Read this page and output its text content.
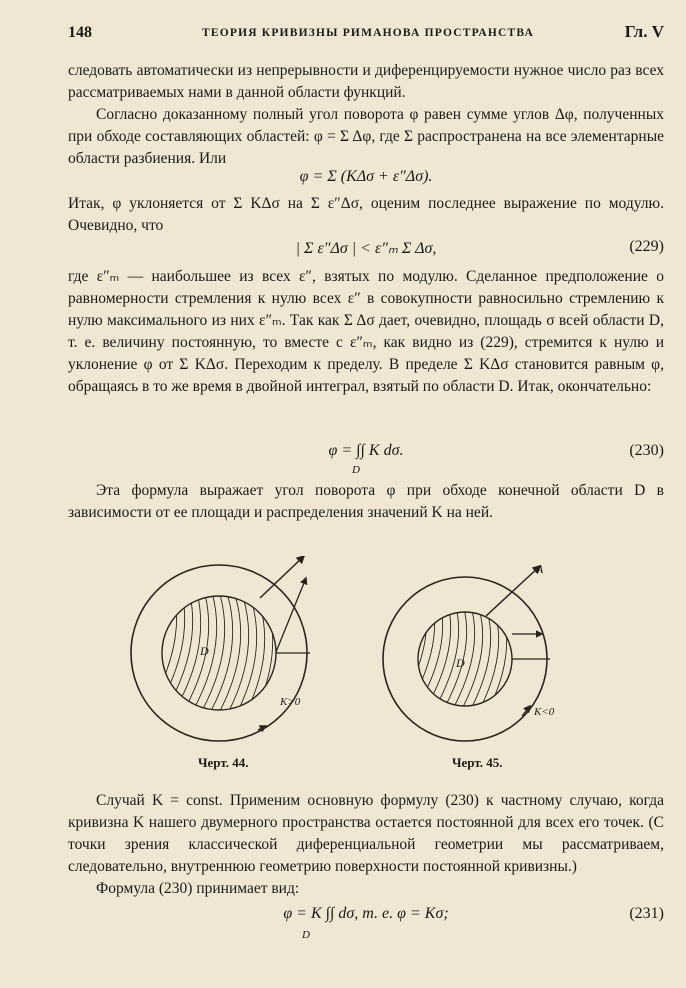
148	ТЕОРИЯ КРИВИЗНЫ РИМАНОВА ПРОСТРАНСТВА	Гл. V

следовать автоматически из непрерывности и диференцируемости нужное число раз всех рассматриваемых нами в данной области функций.

Согласно доказанному полный угол поворота φ равен сумме углов Δφ, полученных при обходе составляющих областей: φ = Σ Δφ, где Σ распространена на все элементарные области разбиения. Или

φ = Σ (KΔσ + ε″Δσ).

Итак, φ уклоняется от Σ KΔσ на Σ ε″Δσ, оценим последнее выражение по модулю. Очевидно, что

| Σ ε″Δσ | < ε″ₘ Σ Δσ,	(229)

где ε″ₘ — наибольшее из всех ε″, взятых по модулю. Сделанное предположение о равномерности стремления к нулю всех ε″ в совокупности равносильно стремлению к нулю максимального из них ε″ₘ. Так как Σ Δσ дает, очевидно, площадь σ всей области D, т. е. величину постоянную, то вместе с ε″ₘ, как видно из (229), стремится к нулю и уклонение φ от Σ KΔσ. Переходим к пределу. В пределе Σ KΔσ становится равным φ, обращаясь в то же время в двойной интеграл, взятый по области D. Итак, окончательно:

φ = ∫∫ K dσ.
D
(230)

Эта формула выражает угол поворота φ при обходе конечной области D в зависимости от ее площади и распределения значений K на ней.

D
K>0
A
D
K<0
Черт. 44.	Черт. 45.

Случай K = const. Применим основную формулу (230) к частному случаю, когда кривизна K нашего двумерного пространства остается постоянной для всех его точек. (С точки зрения классической диференциальной геометрии мы рассматриваем, следовательно, внутреннюю геометрию поверхности постоянной кривизны.)

Формула (230) принимает вид:

φ = K ∫∫ dσ, т. е. φ = Kσ;
D
(231)
